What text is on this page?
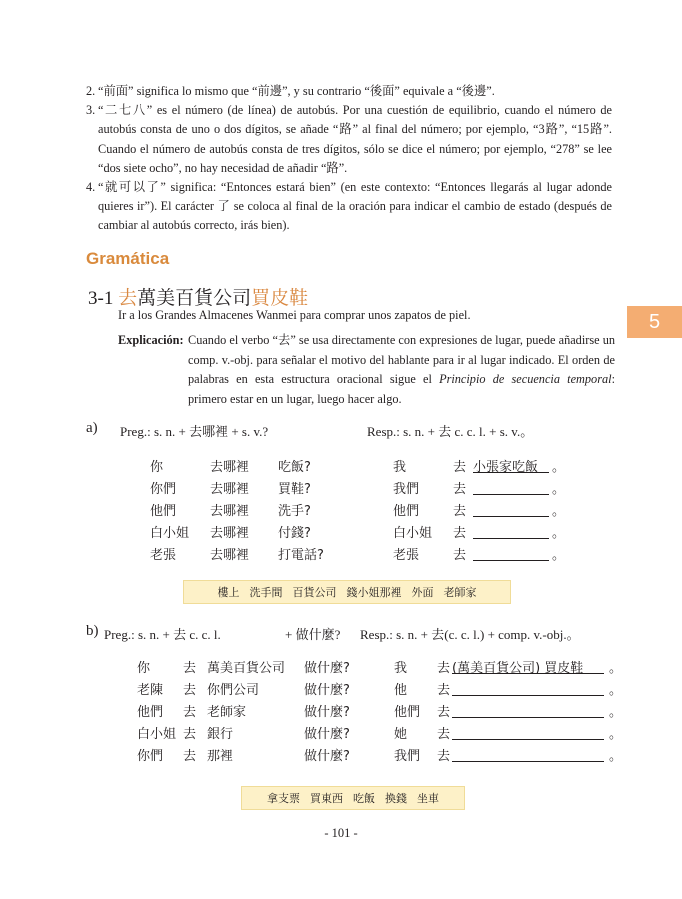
2. “前面” significa lo mismo que “前邊”, y su contrario “後面” equivale a “後邊”.
3. “二七八” es el número (de línea) de autobús. Por una cuestión de equilibrio, cuando el número de autobús consta de uno o dos dígitos, se añade “路” al final del número; por ejemplo, “3路”, “15路”. Cuando el número de autobús consta de tres dígitos, sólo se dice el número; por ejemplo, “278” se lee “dos siete ocho”, no hay necesidad de añadir “路”.
4. “就可以了” significa: “Entonces estará bien” (en este contexto: “Entonces llegarás al lugar adonde quieres ir”). El carácter 了 se coloca al final de la oración para indicar el cambio de estado (después de cambiar al autobús correcto, irás bien).
Gramática
5
3-1 去萬美百貨公司買皮鞋
Ir a los Grandes Almacenes Wanmei para comprar unos zapatos de piel.
Explicación: Cuando el verbo “去” se usa directamente con expresiones de lugar, puede añadirse un comp. v.-obj. para señalar el motivo del hablante para ir al lugar indicado. El orden de palabras en esta estructura oracional sigue el Principio de secuencia temporal: primero estar en un lugar, luego hacer algo.
a) Preg.: s. n. + 去哪裡 + s. v.?	Resp.: s. n. + 去 c. c. l. + s. v.。
你	去哪裡 吃飯?	我	去 小張家吃飯	。
你們	去哪裡 買鞋?	我們	去	。
他們	去哪裡 洗手?	他們	去	。
白小姐 去哪裡 付錢?	白小姐 去	。
老張	去哪裡 打電話?	老張	去	。
樓上 洗手間 百貨公司 錢小姐那裡 外面 老師家
b) Preg.: s. n. + 去 c. c. l.	+ 做什麼? Resp.: s. n. + 去(c. c. l.) + comp. v.-obj.。
你	去 萬美百貨公司 做什麼?	我 去 (萬美百貨公司) 買皮鞋	。
老陳 去 你們公司	做什麼?	他 去	。
他們 去 老師家	做什麼?	他們 去	。
白小姐 去 銀行	做什麼?	她 去	。
你們 去 那裡	做什麼?	我們 去	。
拿支票 買東西 吃飯 換錢 坐車
- 101 -
